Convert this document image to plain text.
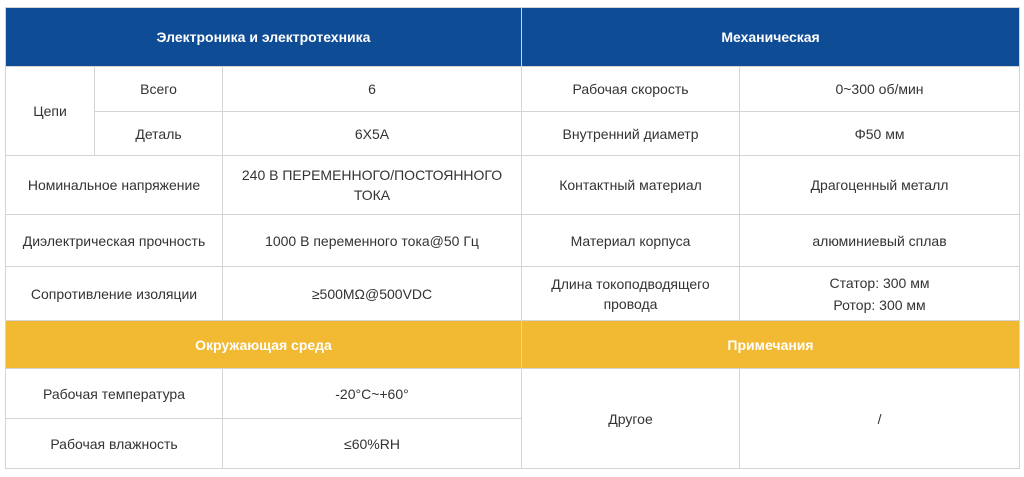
Электроника и электротехника			Механическая	
Цепи	Всего	6	Рабочая скорость	0~300 об/мин
	Деталь	6X5A	Внутренний диаметр	Φ50 мм
Номинальное напряжение		240 В ПЕРЕМЕННОГО/ПОСТОЯННОГО ТОКА	Контактный материал	Драгоценный металл
Диэлектрическая прочность		1000 В переменного тока@50 Гц	Материал корпуса	алюминиевый сплав
Сопротивление изоляции		≥500MΩ@500VDC	Длина токоподводящего провода	Статор: 300 мм
Ротор: 300 мм

Окружающая среда			Примечания	
Рабочая температура		-20°C~+60°	Другое	/
Рабочая влажность		≤60%RH		
